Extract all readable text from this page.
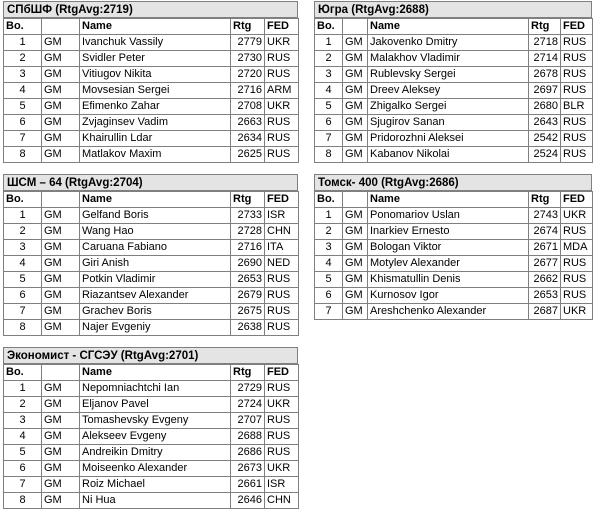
СПбШФ (RtgAvg:2719)
Bo.		Name	Rtg	FED
1	GM	Ivanchuk Vassily	2779	UKR
2	GM	Svidler Peter	2730	RUS
3	GM	Vitiugov Nikita	2720	RUS
4	GM	Movsesian Sergei	2716	ARM
5	GM	Efimenko Zahar	2708	UKR
6	GM	Zvjaginsev Vadim	2663	RUS
7	GM	Khairullin Ldar	2634	RUS
8	GM	Matlakov Maxim	2625	RUS
Югра (RtgAvg:2688)
Bo.		Name	Rtg	FED
1	GM	Jakovenko Dmitry	2718	RUS
2	GM	Malakhov Vladimir	2714	RUS
3	GM	Rublevsky Sergei	2678	RUS
4	GM	Dreev Aleksey	2697	RUS
5	GM	Zhigalko Sergei	2680	BLR
6	GM	Sjugirov Sanan	2643	RUS
7	GM	Pridorozhni Aleksei	2542	RUS
8	GM	Kabanov Nikolai	2524	RUS
ШСМ – 64 (RtgAvg:2704)
Bo.		Name	Rtg	FED
1	GM	Gelfand Boris	2733	ISR
2	GM	Wang Hao	2728	CHN
3	GM	Caruana Fabiano	2716	ITA
4	GM	Giri Anish	2690	NED
5	GM	Potkin Vladimir	2653	RUS
6	GM	Riazantsev Alexander	2679	RUS
7	GM	Grachev Boris	2675	RUS
8	GM	Najer Evgeniy	2638	RUS
Томск- 400 (RtgAvg:2686)
Bo.		Name	Rtg	FED
1	GM	Ponomariov Uslan	2743	UKR
2	GM	Inarkiev Ernesto	2674	RUS
3	GM	Bologan Viktor	2671	MDA
4	GM	Motylev Alexander	2677	RUS
5	GM	Khismatullin Denis	2662	RUS
6	GM	Kurnosov Igor	2653	RUS
7	GM	Areshchenko Alexander	2687	UKR
Экономист - СГСЭУ (RtgAvg:2701)
Bo.		Name	Rtg	FED
1	GM	Nepomniachtchi Ian	2729	RUS
2	GM	Eljanov Pavel	2724	UKR
3	GM	Tomashevsky Evgeny	2707	RUS
4	GM	Alekseev Evgeny	2688	RUS
5	GM	Andreikin Dmitry	2686	RUS
6	GM	Moiseenko Alexander	2673	UKR
7	GM	Roiz Michael	2661	ISR
8	GM	Ni Hua	2646	CHN
